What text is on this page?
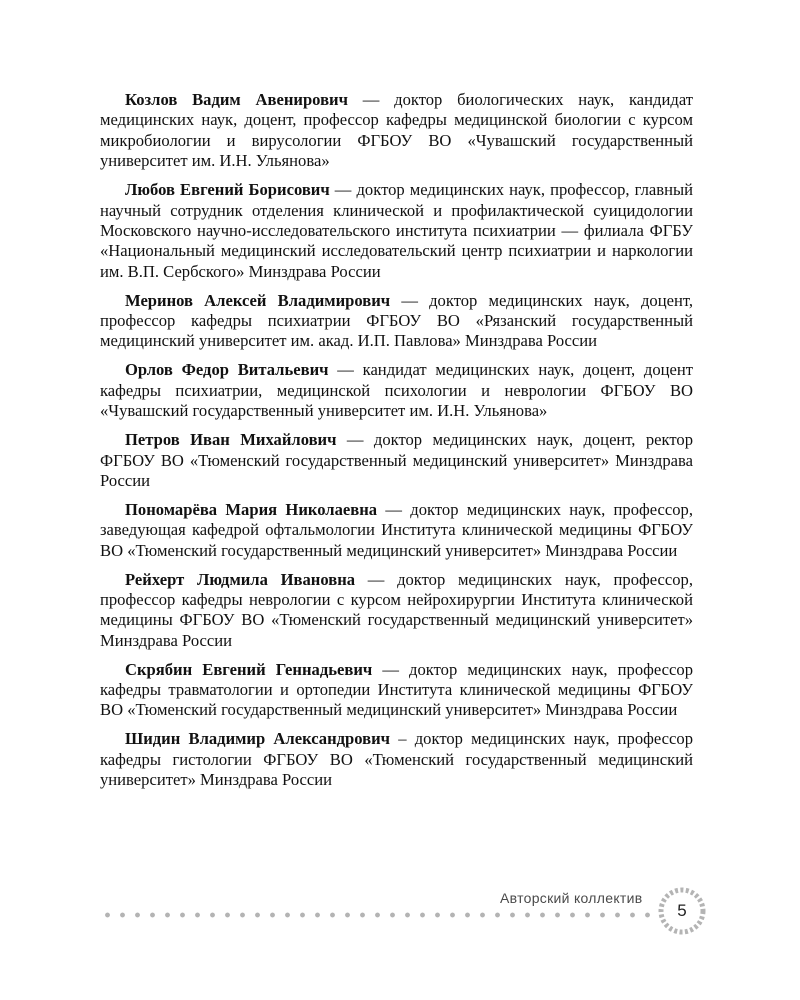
Козлов Вадим Авенирович — доктор биологических наук, кандидат медицинских наук, доцент, профессор кафедры медицинской биологии с курсом микробиологии и вирусологии ФГБОУ ВО «Чувашский государственный университет им. И.Н. Ульянова»

Любов Евгений Борисович — доктор медицинских наук, профессор, главный научный сотрудник отделения клинической и профилактической суицидологии Московского научно-исследовательского института психиатрии — филиала ФГБУ «Национальный медицинский исследовательский центр психиатрии и наркологии им. В.П. Сербского» Минздрава России

Меринов Алексей Владимирович — доктор медицинских наук, доцент, профессор кафедры психиатрии ФГБОУ ВО «Рязанский государственный медицинский университет им. акад. И.П. Павлова» Минздрава России

Орлов Федор Витальевич — кандидат медицинских наук, доцент, доцент кафедры психиатрии, медицинской психологии и неврологии ФГБОУ ВО «Чувашский государственный университет им. И.Н. Ульянова»

Петров Иван Михайлович — доктор медицинских наук, доцент, ректор ФГБОУ ВО «Тюменский государственный медицинский университет» Минздрава России

Пономарёва Мария Николаевна — доктор медицинских наук, профессор, заведующая кафедрой офтальмологии Института клинической медицины ФГБОУ ВО «Тюменский государственный медицинский университет» Минздрава России

Рейхерт Людмила Ивановна — доктор медицинских наук, профессор, профессор кафедры неврологии с курсом нейрохирургии Института клинической медицины ФГБОУ ВО «Тюменский государственный медицинский университет» Минздрава России

Скрябин Евгений Геннадьевич — доктор медицинских наук, профессор кафедры травматологии и ортопедии Института клинической медицины ФГБОУ ВО «Тюменский государственный медицинский университет» Минздрава России

Шидин Владимир Александрович – доктор медицинских наук, профессор кафедры гистологии ФГБОУ ВО «Тюменский государственный медицинский университет» Минздрава России

Авторский коллектив
5
